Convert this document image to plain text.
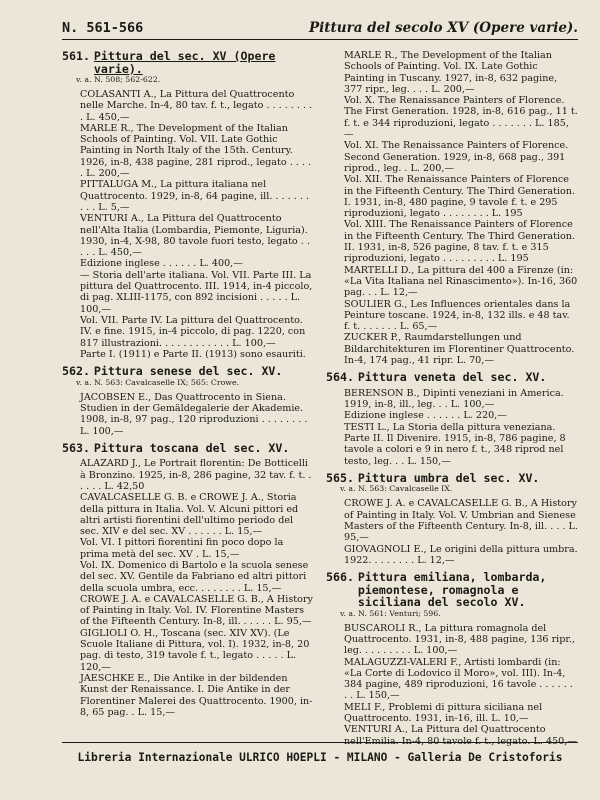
N. 561-566	Pittura del secolo XV (Opere varie).
561. Pittura del sec. XV (Opere varie).
v. a. N. 508; 562-622.
COLASANTI A., La Pittura del Quattrocento nelle Marche. In-4, 80 tav. f. t., legato . . . . . . . . . L. 450,—
MARLE R., The Development of the Italian Schools of Painting. Vol. VII. Late Gothic Painting in North Italy of the 15th. Century. 1926, in-8, 438 pagine, 281 riprod., legato . . . . . L. 200,—
PITTALUGA M., La pittura italiana nel Quattrocento. 1929, in-8, 64 pagine, ill. . . . . . . . . . L. 5,—
VENTURI A., La Pittura del Quattrocento nell'Alta Italia (Lombardia, Piemonte, Liguria). 1930, in-4, X-98, 80 tavole fuori testo, legato . . . . . L. 450,—
Edizione inglese . . . . . . L. 400,—
— Storia dell'arte italiana. Vol. VII. Parte III. La pittura del Quattrocento. III. 1914, in-4 piccolo, di pag. XLIII-1175, con 892 incisioni . . . . . L. 100,—
Vol. VII. Parte IV. La pittura del Quattrocento. IV. e fine. 1915, in-4 piccolo, di pag. 1220, con 817 illustrazioni. . . . . . . . . . . . L. 100,—
Parte I. (1911) e Parte II. (1913) sono esauriti.
562. Pittura senese del sec. XV.
v. a. N. 563: Cavalcaselle IX; 565: Crowe.
JACOBSEN E., Das Quattrocento in Siena. Studien in der Gemäldegalerie der Akademie. 1908, in-8, 97 pag., 120 riproduzioni . . . . . . . . L. 100,—
563. Pittura toscana del sec. XV.
ALAZARD J., Le Portrait florentin: De Botticelli à Bronzino. 1925, in-8, 286 pagine, 32 tav. f. t. . . . . . L. 42,50
CAVALCASELLE G. B. e CROWE J. A., Storia della pittura in Italia. Vol. V. Alcuni pittori ed altri artisti fiorentini dell'ultimo periodo del sec. XIV e del sec. XV . . . . . . L. 15,—
Vol. VI. I pittori fiorentini fin poco dopo la prima metà del sec. XV . L. 15,—
Vol. IX. Domenico di Bartolo e la scuola senese del sec. XV. Gentile da Fabriano ed altri pittori della scuola umbra, ecc. . . . . . . . L. 15,—
CROWE J. A. e CAVALCASELLE G. B., A History of Painting in Italy. Vol. IV. Florentine Masters of the Fifteenth Century. In-8, ill. . . . . . L. 95,—
GIGLIOLI O. H., Toscana (sec. XIV XV). (Le Scuole Italiane di Pittura, vol. I). 1932, in-8, 20 pag. di testo, 319 tavole f. t., legato . . . . . L. 120,—
JAESCHKE E., Die Antike in der bildenden Kunst der Renaissance. I. Die Antike in der Florentiner Malerei des Quattrocento. 1900, in-8, 65 pag. . L. 15,—
MARLE R., The Development of the Italian Schools of Painting. Vol. IX. Late Gothic Painting in Tuscany. 1927, in-8, 632 pagine, 377 ripr., leg. . . . L. 200,—
Vol. X. The Renaissance Painters of Florence. The First Generation. 1928, in-8, 616 pag., 11 t. f. t. e 344 riproduzioni, legato . . . . . . . L. 185,—
Vol. XI. The Renaissance Painters of Florence. Second Generation. 1929, in-8, 668 pag., 391 riprod., leg. . L. 200,—
Vol. XII. The Renaissance Painters of Florence in the Fifteenth Century. The Third Generation. I. 1931, in-8, 480 pagine, 9 tavole f. t. e 295 riproduzioni, legato . . . . . . . . L. 195
Vol. XIII. The Renaissance Painters of Florence in the Fifteenth Century. The Third Generation. II. 1931, in-8, 526 pagine, 8 tav. f. t. e 315 riproduzioni, legato . . . . . . . . . L. 195
MARTELLI D., La pittura del 400 a Firenze (in: «La Vita Italiana nel Rinascimento»). In-16, 360 pag. . . L. 12,—
SOULIER G., Les Influences orientales dans la Peinture toscane. 1924, in-8, 132 ills. e 48 tav. f. t. . . . . . . L. 65,—
ZUCKER P., Raumdarstellungen und Bildarchitekturen im Florentiner Quattrocento. In-4, 174 pag., 41 ripr. L. 70,—
564. Pittura veneta del sec. XV.
BERENSON B., Dipinti veneziani in America. 1919, in-8, ill., leg. . . L. 100,—
Edizione inglese . . . . . . L. 220,—
TESTI L., La Storia della pittura veneziana. Parte II. Il Divenire. 1915, in-8, 786 pagine, 8 tavole a colori e 9 in nero f. t., 348 riprod nel testo, leg. . . L. 150,—
565. Pittura umbra del sec. XV.
v. a. N. 563: Cavalcaselle IX.
CROWE J. A. e CAVALCASELLE G. B., A History of Painting in Italy. Vol. V. Umbrian and Sienese Masters of the Fifteenth Century. In-8, ill. . . . L. 95,—
GIOVAGNOLI E., Le origini della pittura umbra. 1922. . . . . . . . L. 12,—
566. Pittura emiliana, lombarda, piemontese, romagnola e siciliana del secolo XV.
v. a. N. 561: Venturi; 596.
BUSCAROLI R., La pittura romagnola del Quattrocento. 1931, in-8, 488 pagine, 136 ripr., leg. . . . . . . . . L. 100,—
MALAGUZZI-VALERI F., Artisti lombardi (in: «La Corte di Lodovico il Moro», vol. III). In-4, 384 pagine, 489 riproduzioni, 16 tavole . . . . . . . . L. 150,—
MELI F., Problemi di pittura siciliana nel Quattrocento. 1931, in-16, ill. L. 10,—
VENTURI A., La Pittura del Quattrocento nell'Emilia. In-4, 80 tavole f. t., legato. L. 450,—
Libreria Internazionale ULRICO HOEPLI - MILANO - Galleria De Cristoforis
